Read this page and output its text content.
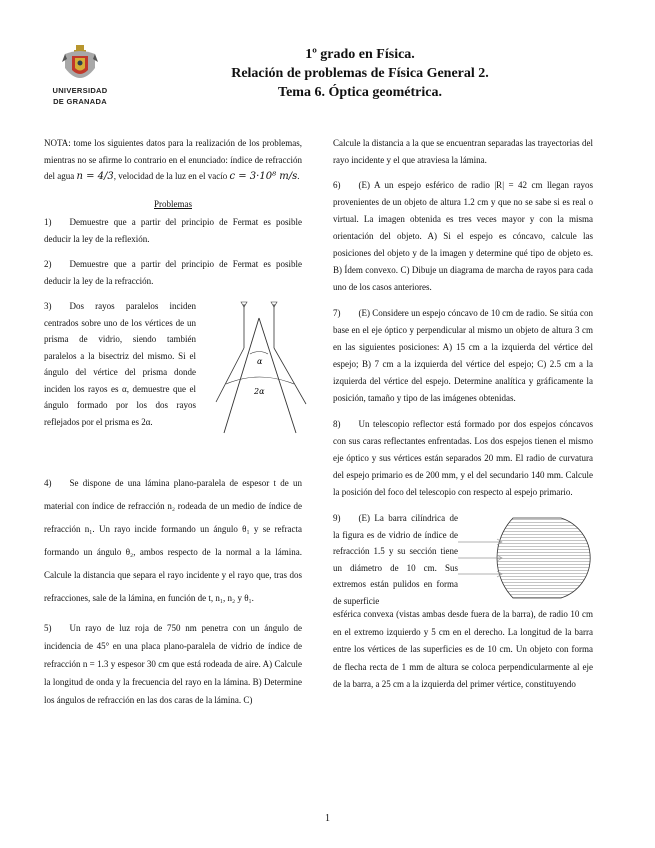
UNIVERSIDAD
DE GRANADA
1º grado en Física.
Relación de problemas de Física General 2.
Tema 6. Óptica geométrica.

NOTA: tome los siguientes datos para la realización de los problemas, mientras no se afirme lo contrario en el enunciado: índice de refracción del agua n = 4/3, velocidad de la luz en el vacío c = 3·10⁸ m/s.

Problemas

1) Demuestre que a partir del principio de Fermat es posible deducir la ley de la reflexión.

2) Demuestre que a partir del principio de Fermat es posible deducir la ley de la refracción.

3) Dos rayos paralelos inciden centrados sobre uno de los vértices de un prisma de vidrio, siendo también paralelos a la bisectriz del mismo. Si el ángulo del vértice del prisma donde inciden los rayos es α, demuestre que el ángulo formado por los dos rayos reflejados por el prisma es 2α.

α
2α

4) Se dispone de una lámina plano-paralela de espesor t de un material con índice de refracción n₂ rodeada de un medio de índice de refracción n₁. Un rayo incide formando un ángulo θ₁ y se refracta formando un ángulo θ₂, ambos respecto de la normal a la lámina. Calcule la distancia que separa el rayo incidente y el rayo que, tras dos refracciones, sale de la lámina, en función de t, n₁, n₂ y θ₁.

5) Un rayo de luz roja de 750 nm penetra con un ángulo de incidencia de 45° en una placa plano-paralela de vidrio de índice de refracción n = 1.3 y espesor 30 cm que está rodeada de aire. A) Calcule la longitud de onda y la frecuencia del rayo en la lámina. B) Determine los ángulos de refracción en las dos caras de la lámina. C)

Calcule la distancia a la que se encuentran separadas las trayectorias del rayo incidente y el que atraviesa la lámina.

6) (E) A un espejo esférico de radio |R| = 42 cm llegan rayos provenientes de un objeto de altura 1.2 cm y que no se sabe si es real o virtual. La imagen obtenida es tres veces mayor y con la misma orientación del objeto. A) Si el espejo es cóncavo, calcule las posiciones del objeto y de la imagen y determine qué tipo de objeto es. B) Ídem convexo. C) Dibuje un diagrama de marcha de rayos para cada uno de los casos anteriores.

7) (E) Considere un espejo cóncavo de 10 cm de radio. Se sitúa con base en el eje óptico y perpendicular al mismo un objeto de altura 3 cm en las siguientes posiciones: A) 15 cm a la izquierda del vértice del espejo; B) 7 cm a la izquierda del vértice del espejo; C) 2.5 cm a la izquierda del vértice del espejo. Determine analítica y gráficamente la posición, tamaño y tipo de las imágenes obtenidas.

8) Un telescopio reflector está formado por dos espejos cóncavos con sus caras reflectantes enfrentadas. Los dos espejos tienen el mismo eje óptico y sus vértices están separados 20 mm. El radio de curvatura del espejo primario es de 200 mm, y el del secundario 140 mm. Calcule la posición del foco del telescopio con respecto al espejo primario.

9) (E) La barra cilíndrica de la figura es de vidrio de índice de refracción 1.5 y su sección tiene un diámetro de 10 cm. Sus extremos están pulidos en forma de superficie

esférica convexa (vistas ambas desde fuera de la barra), de radio 10 cm en el extremo izquierdo y 5 cm en el derecho. La longitud de la barra entre los vértices de las superficies es de 10 cm. Un objeto con forma de flecha recta de 1 mm de altura se coloca perpendicularmente al eje de la barra, a 25 cm a la izquierda del primer vértice, constituyendo

1
